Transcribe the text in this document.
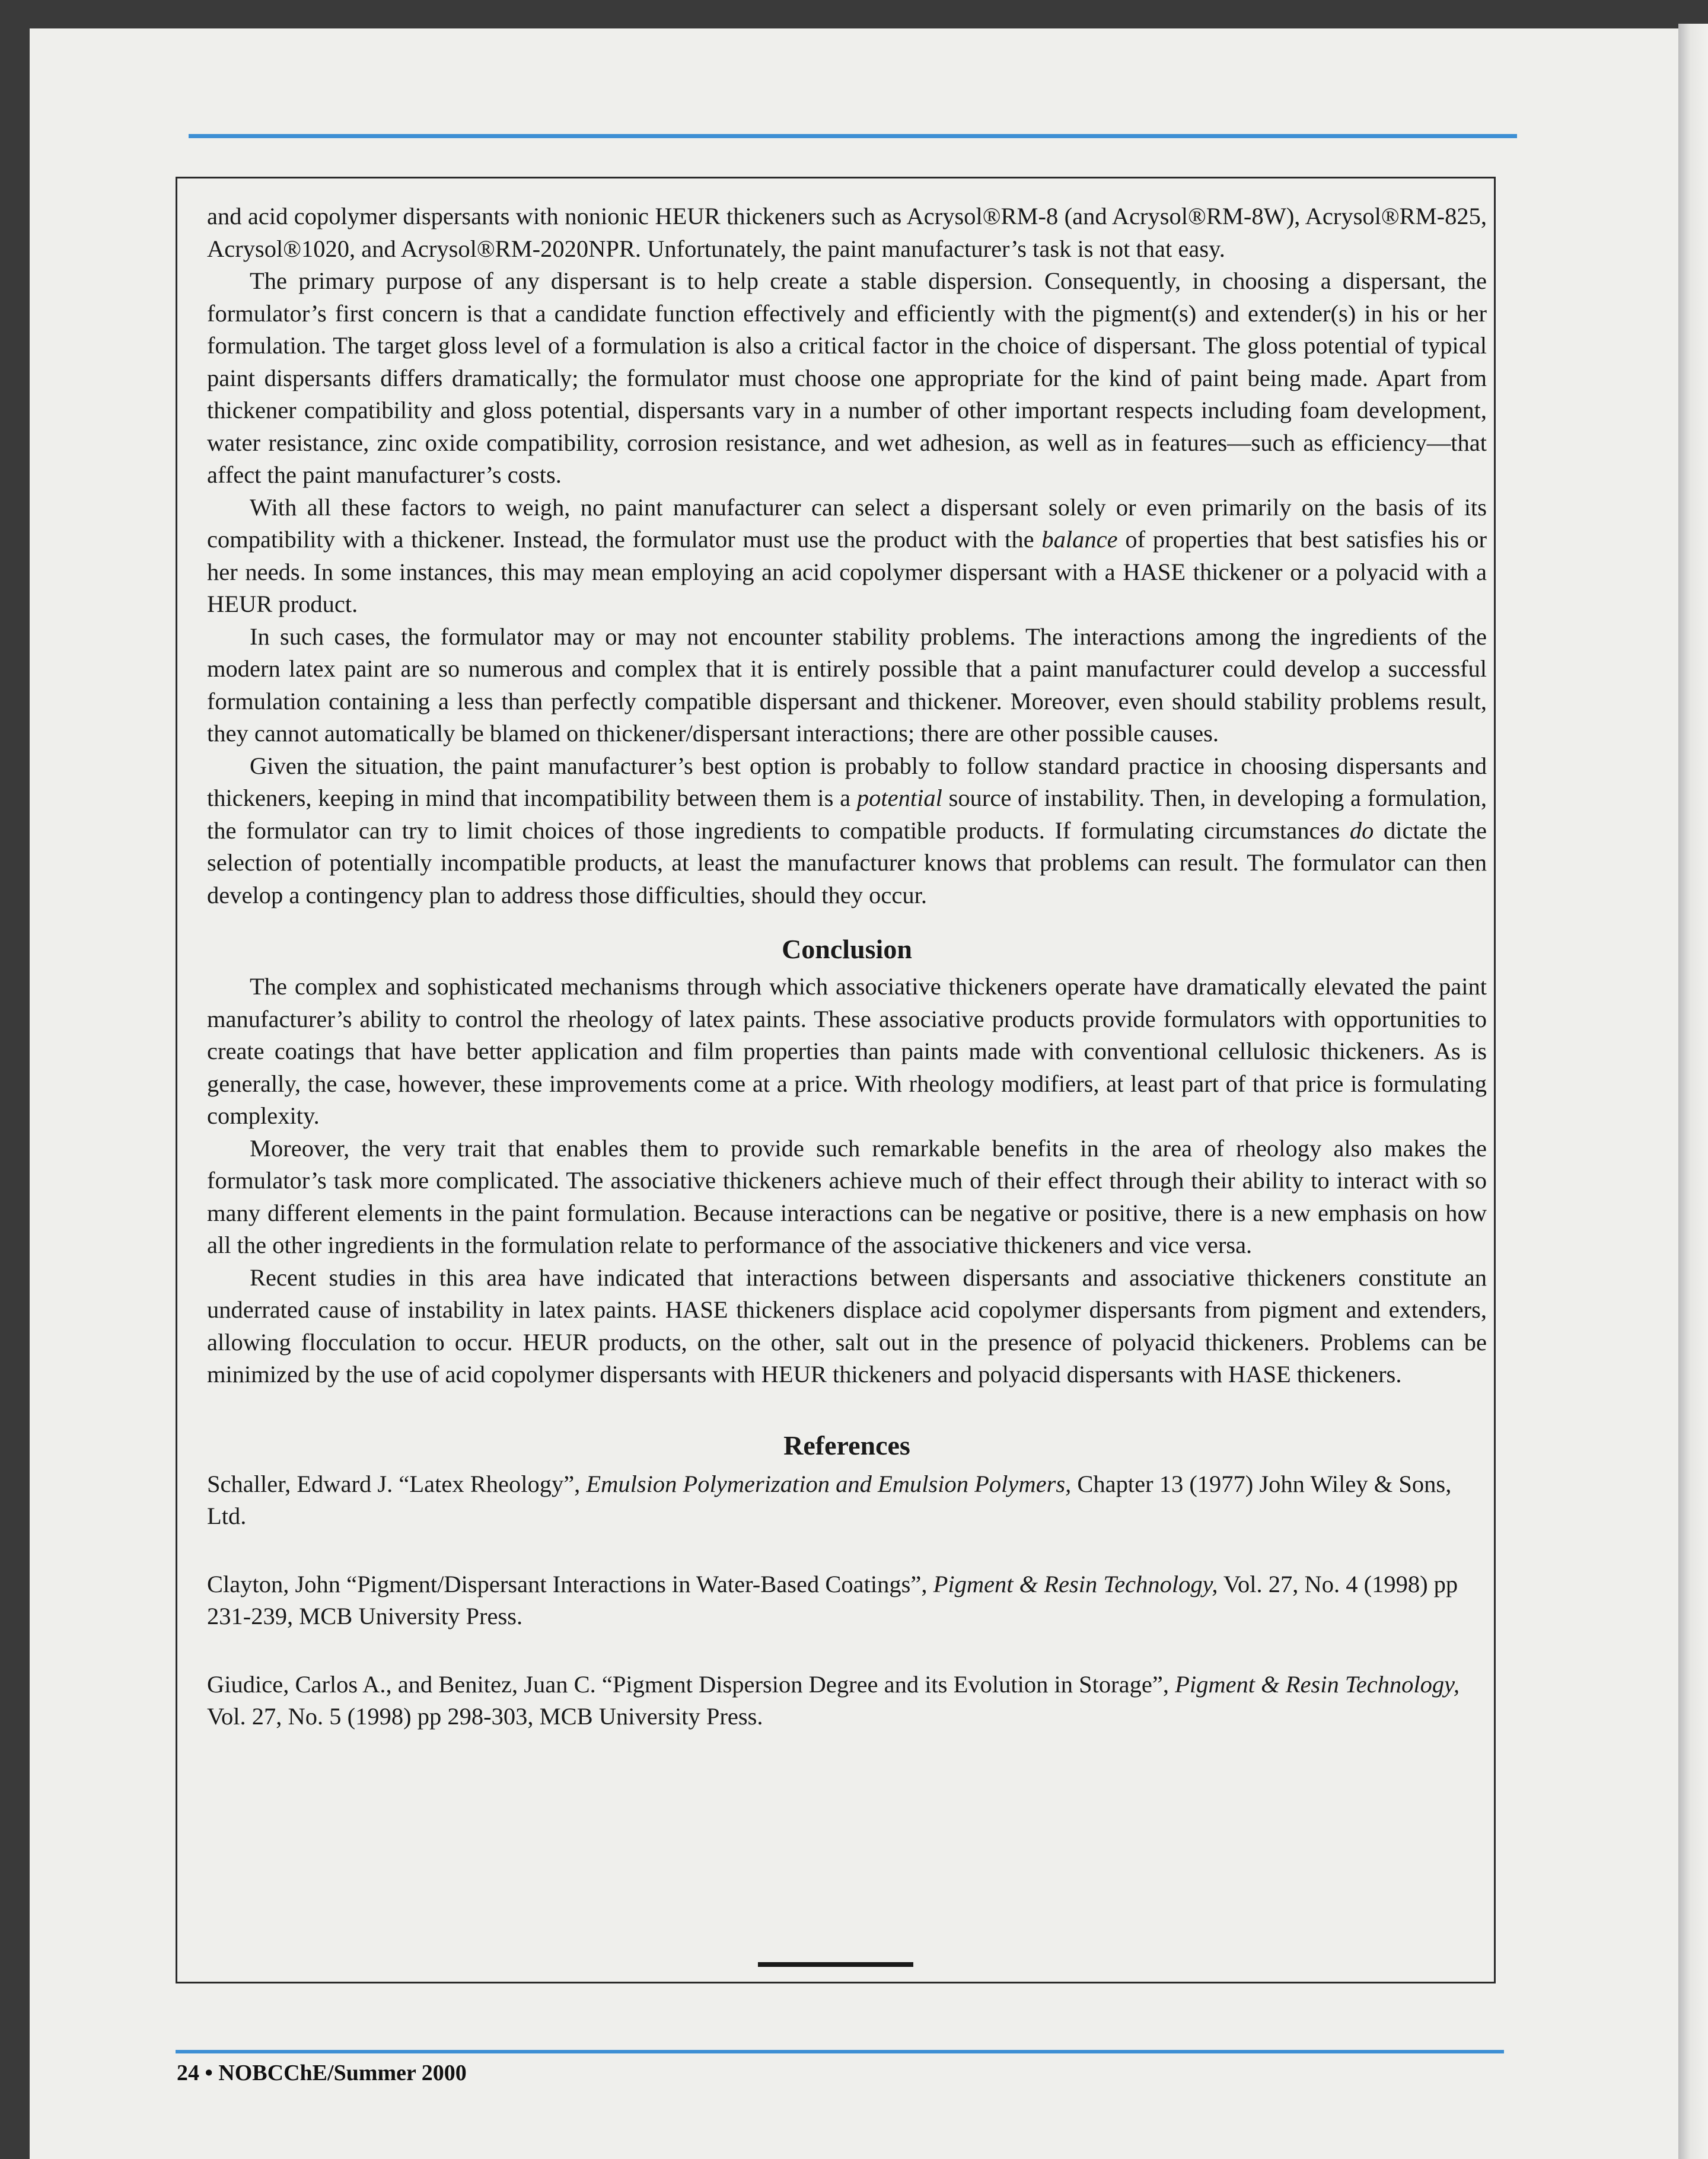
and acid copolymer dispersants with nonionic HEUR thickeners such as Acrysol®RM-8 (and Acrysol®RM-8W), Acrysol®RM-825, Acrysol®1020, and Acrysol®RM-2020NPR. Unfortunately, the paint manufacturer’s task is not that easy.

The primary purpose of any dispersant is to help create a stable dispersion. Consequently, in choosing a dispersant, the formulator’s first concern is that a candidate function effectively and efficiently with the pigment(s) and extender(s) in his or her formulation. The target gloss level of a formulation is also a critical factor in the choice of dispersant. The gloss potential of typical paint dispersants differs dramatically; the formulator must choose one appropriate for the kind of paint being made. Apart from thickener compatibility and gloss potential, dispersants vary in a number of other important respects including foam development, water resistance, zinc oxide compatibility, corrosion resistance, and wet adhesion, as well as in features—such as efficiency—that affect the paint manufacturer’s costs.

With all these factors to weigh, no paint manufacturer can select a dispersant solely or even primarily on the basis of its compatibility with a thickener. Instead, the formulator must use the product with the balance of properties that best satisfies his or her needs. In some instances, this may mean employing an acid copolymer dispersant with a HASE thickener or a polyacid with a HEUR product.

In such cases, the formulator may or may not encounter stability problems. The interactions among the ingredients of the modern latex paint are so numerous and complex that it is entirely possible that a paint manufacturer could develop a successful formulation containing a less than perfectly compatible dispersant and thickener. Moreover, even should stability problems result, they cannot automatically be blamed on thickener/dispersant interactions; there are other possible causes.

Given the situation, the paint manufacturer’s best option is probably to follow standard practice in choosing dispersants and thickeners, keeping in mind that incompatibility between them is a potential source of instability. Then, in developing a formulation, the formulator can try to limit choices of those ingredients to compatible products. If formulating circumstances do dictate the selection of potentially incompatible products, at least the manufacturer knows that problems can result. The formulator can then develop a contingency plan to address those difficulties, should they occur.

Conclusion

The complex and sophisticated mechanisms through which associative thickeners operate have dramatically elevated the paint manufacturer’s ability to control the rheology of latex paints. These associative products provide formulators with opportunities to create coatings that have better application and film properties than paints made with conventional cellulosic thickeners. As is generally, the case, however, these improvements come at a price. With rheology modifiers, at least part of that price is formulating complexity.

Moreover, the very trait that enables them to provide such remarkable benefits in the area of rheology also makes the formulator’s task more complicated. The associative thickeners achieve much of their effect through their ability to interact with so many different elements in the paint formulation. Because interactions can be negative or positive, there is a new emphasis on how all the other ingredients in the formulation relate to performance of the associative thickeners and vice versa.

Recent studies in this area have indicated that interactions between dispersants and associative thickeners constitute an underrated cause of instability in latex paints. HASE thickeners displace acid copolymer dispersants from pigment and extenders, allowing flocculation to occur. HEUR products, on the other, salt out in the presence of polyacid thickeners. Problems can be minimized by the use of acid copolymer dispersants with HEUR thickeners and polyacid dispersants with HASE thickeners.

References

Schaller, Edward J. “Latex Rheology”, Emulsion Polymerization and Emulsion Polymers, Chapter 13 (1977) John Wiley & Sons, Ltd.

Clayton, John “Pigment/Dispersant Interactions in Water-Based Coatings”, Pigment & Resin Technology, Vol. 27, No. 4 (1998) pp 231-239, MCB University Press.

Giudice, Carlos A., and Benitez, Juan C. “Pigment Dispersion Degree and its Evolution in Storage”, Pigment & Resin Technology, Vol. 27, No. 5 (1998) pp 298-303, MCB University Press.

24 • NOBCChE/Summer 2000
